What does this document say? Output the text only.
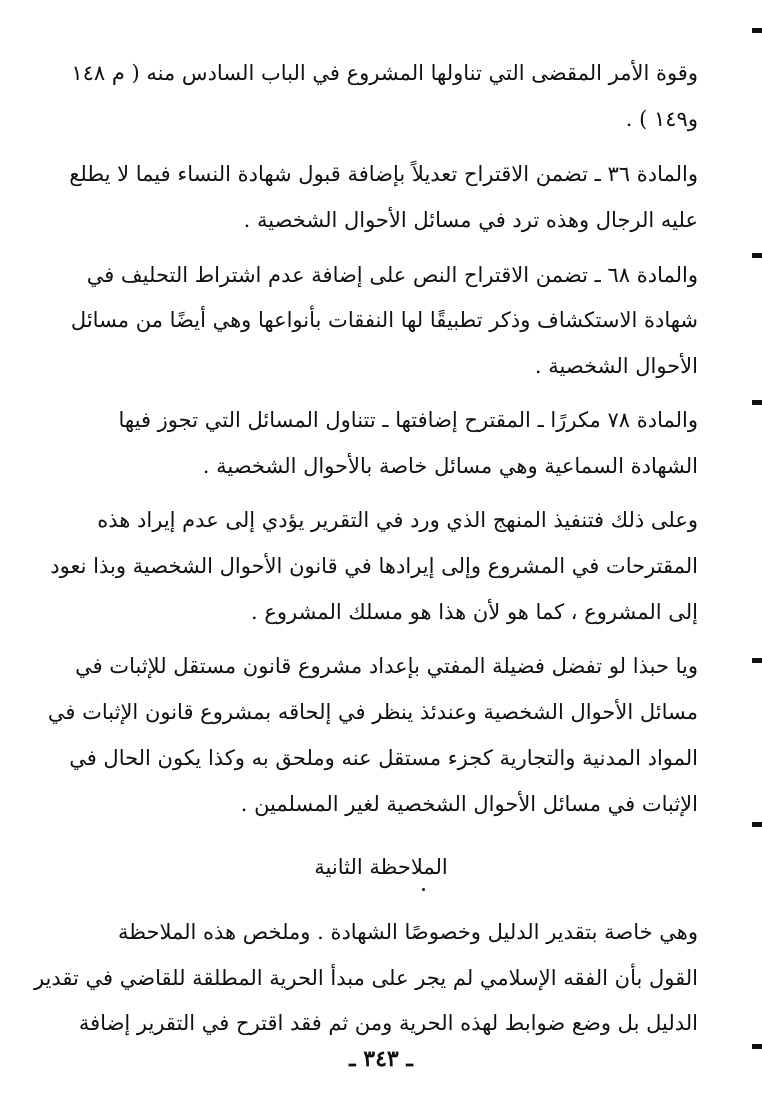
وقوة الأمر المقضى التي تناولها المشروع في الباب السادس منه ( م ١٤٨
و١٤٩ ) .
والمادة ٣٦ ـ تضمن الاقتراح تعديلاً بإضافة قبول شهادة النساء فيما لا يطلع
عليه الرجال وهذه ترد في مسائل الأحوال الشخصية .
والمادة ٦٨ ـ تضمن الاقتراح النص على إضافة عدم اشتراط التحليف في
شهادة الاستكشاف وذكر تطبيقًا لها النفقات بأنواعها وهي أيضًا من مسائل
الأحوال الشخصية .
والمادة ٧٨ مكررًا ـ المقترح إضافتها ـ تتناول المسائل التي تجوز فيها
الشهادة السماعية وهي مسائل خاصة بالأحوال الشخصية .
وعلى ذلك فتنفيذ المنهج الذي ورد في التقرير يؤدي إلى عدم إيراد هذه
المقترحات في المشروع وإلى إيرادها في قانون الأحوال الشخصية وبذا نعود
إلى المشروع ، كما هو لأن هذا هو مسلك المشروع .
ويا حبذا لو تفضل فضيلة المفتي بإعداد مشروع قانون مستقل للإثبات في
مسائل الأحوال الشخصية وعندئذ ينظر في إلحاقه بمشروع قانون الإثبات في
المواد المدنية والتجارية كجزء مستقل عنه وملحق به وكذا يكون الحال في
الإثبات في مسائل الأحوال الشخصية لغير المسلمين .
وهي خاصة بتقدير الدليل وخصوصًا الشهادة . وملخص هذه الملاحظة
القول بأن الفقه الإسلامي لم يجر على مبدأ الحرية المطلقة للقاضي في تقدير
الدليل بل وضع ضوابط لهذه الحرية ومن ثم فقد اقترح في التقرير إضافة
الملاحظة الثانية
ـ ٣٤٣ ـ
